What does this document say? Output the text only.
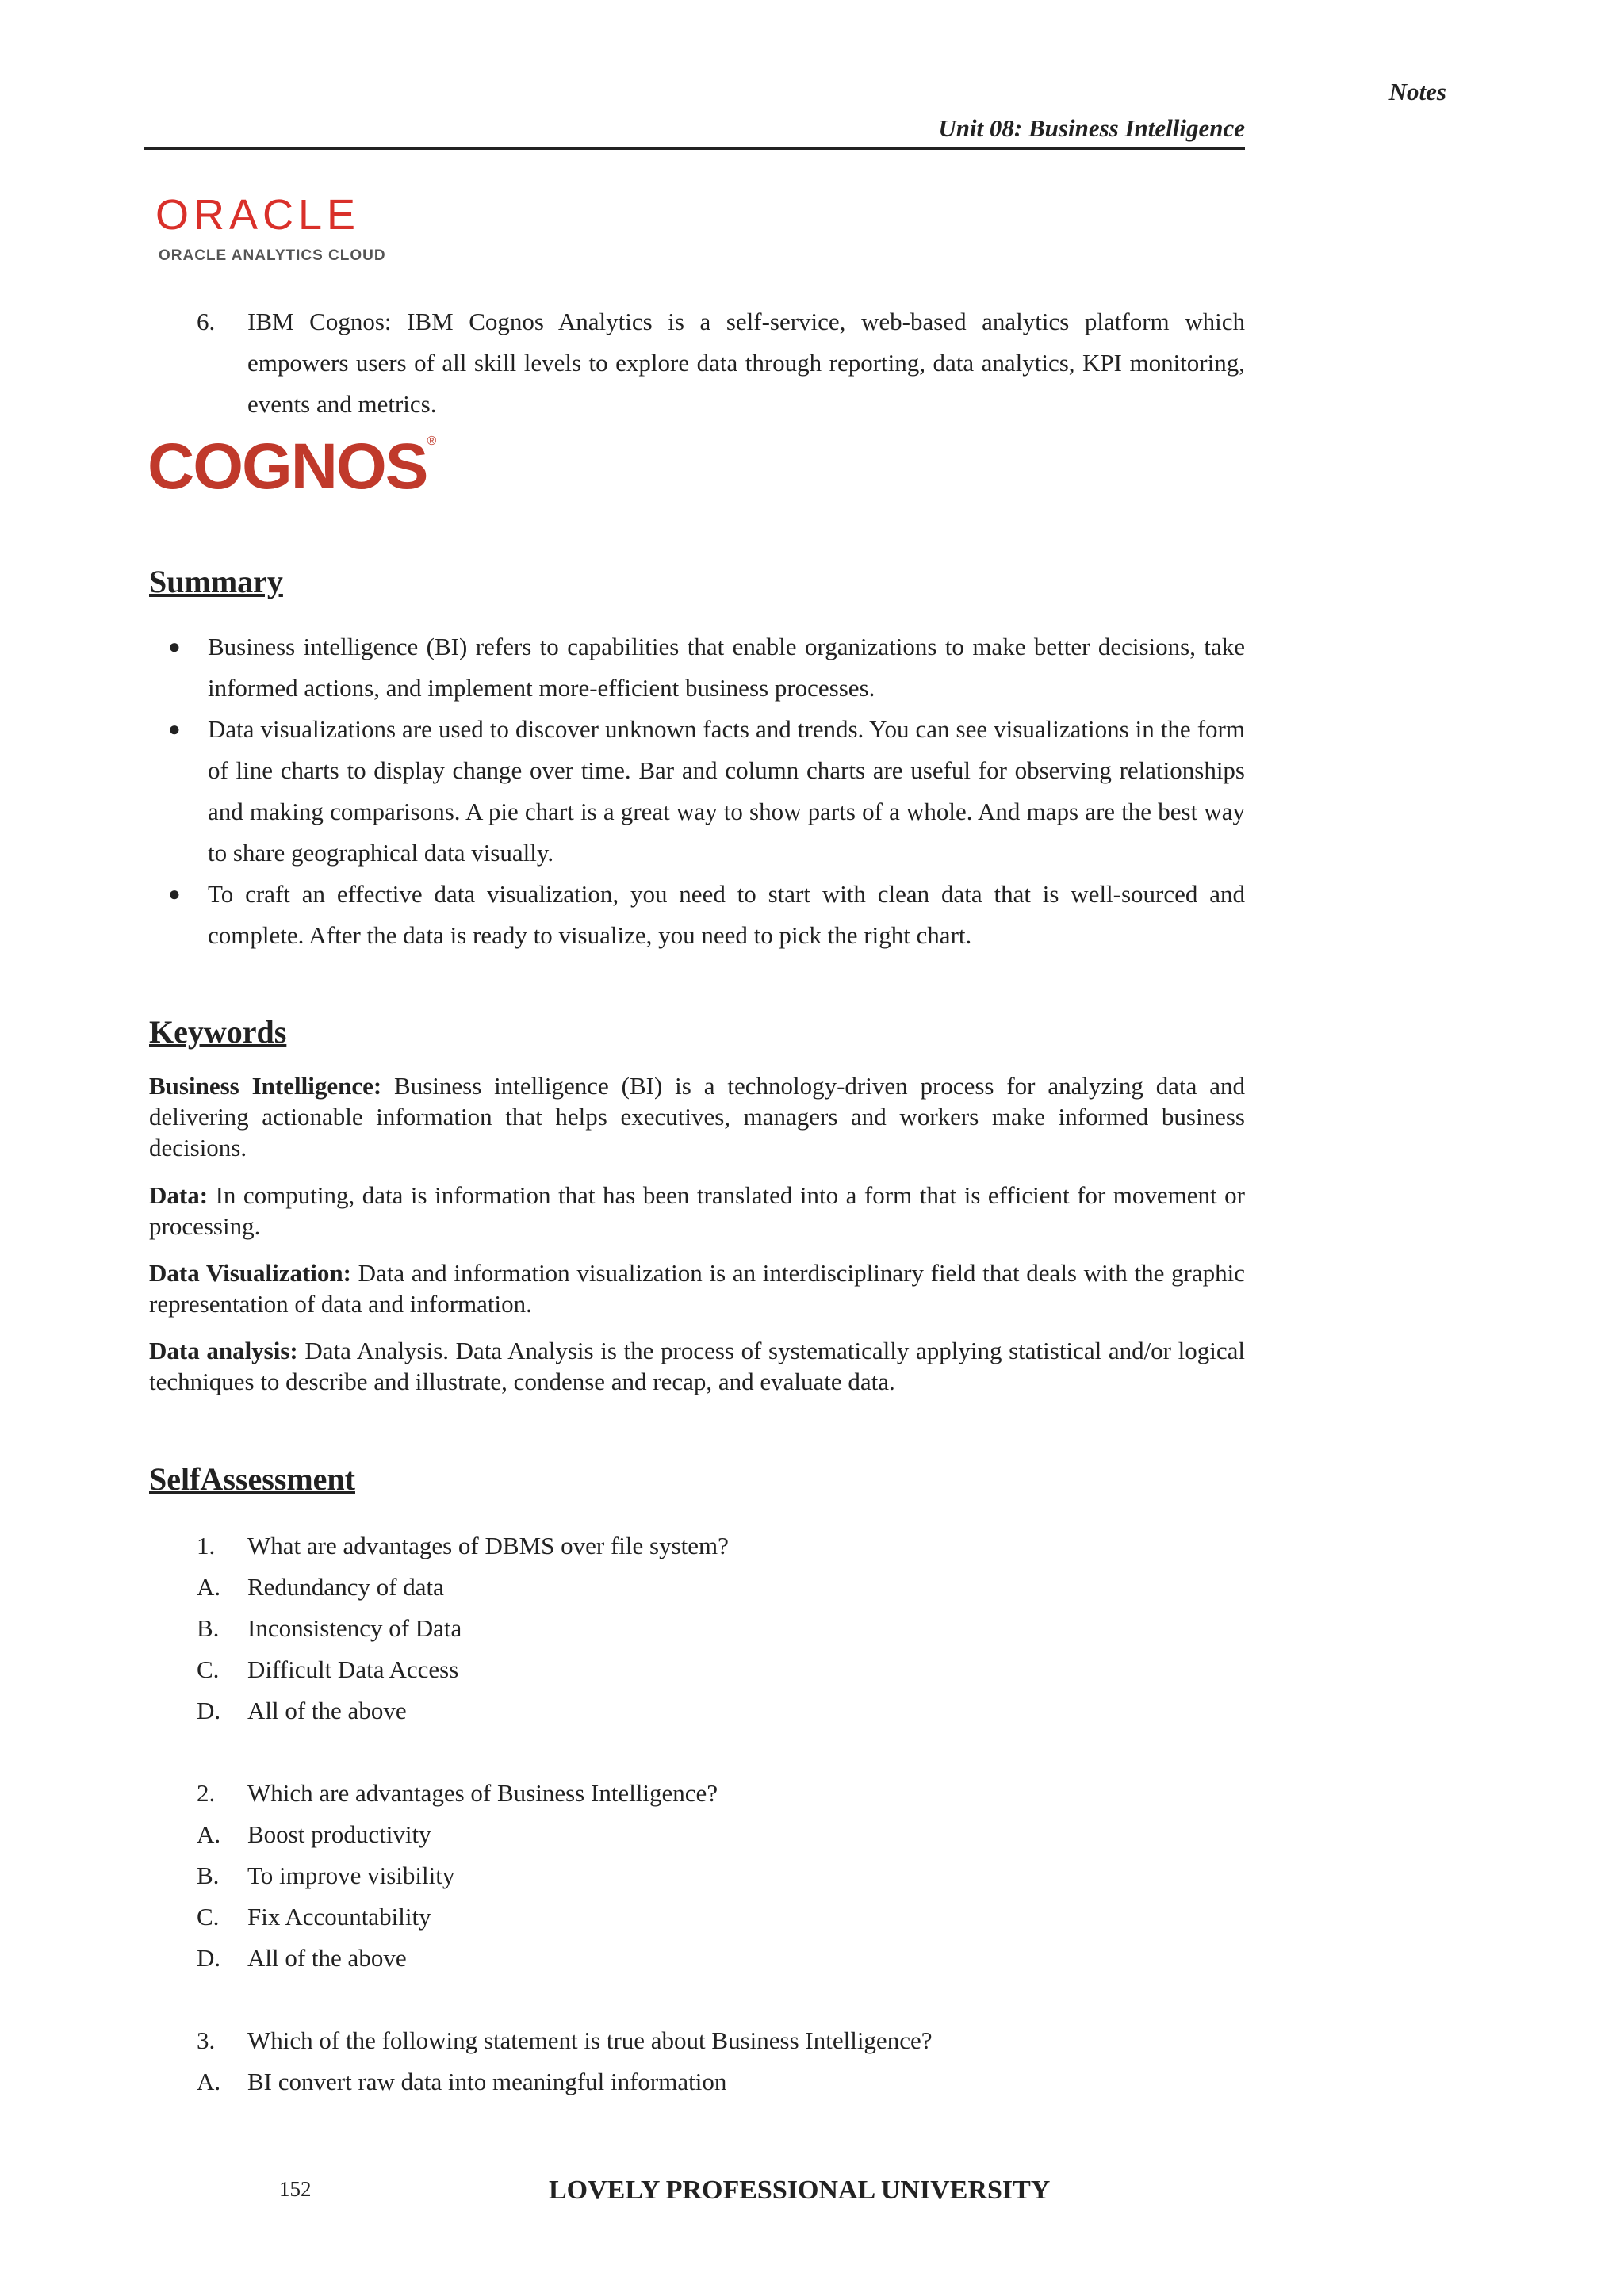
Notes
Unit 08: Business Intelligence
ORACLE
ORACLE ANALYTICS CLOUD
6. IBM Cognos: IBM Cognos Analytics is a self-service, web-based analytics platform which empowers users of all skill levels to explore data through reporting, data analytics, KPI monitoring, events and metrics.
COGNOS®
Summary
● Business intelligence (BI) refers to capabilities that enable organizations to make better decisions, take informed actions, and implement more-efficient business processes.
● Data visualizations are used to discover unknown facts and trends. You can see visualizations in the form of line charts to display change over time. Bar and column charts are useful for observing relationships and making comparisons. A pie chart is a great way to show parts of a whole. And maps are the best way to share geographical data visually.
● To craft an effective data visualization, you need to start with clean data that is well-sourced and complete. After the data is ready to visualize, you need to pick the right chart.
Keywords
Business Intelligence: Business intelligence (BI) is a technology-driven process for analyzing data and delivering actionable information that helps executives, managers and workers make informed business decisions.
Data: In computing, data is information that has been translated into a form that is efficient for movement or processing.
Data Visualization: Data and information visualization is an interdisciplinary field that deals with the graphic representation of data and information.
Data analysis: Data Analysis. Data Analysis is the process of systematically applying statistical and/or logical techniques to describe and illustrate, condense and recap, and evaluate data.
SelfAssessment
1. What are advantages of DBMS over file system?
A. Redundancy of data
B. Inconsistency of Data
C. Difficult Data Access
D. All of the above
2. Which are advantages of Business Intelligence?
A. Boost productivity
B. To improve visibility
C. Fix Accountability
D. All of the above
3. Which of the following statement is true about Business Intelligence?
A. BI convert raw data into meaningful information
152	LOVELY PROFESSIONAL UNIVERSITY
